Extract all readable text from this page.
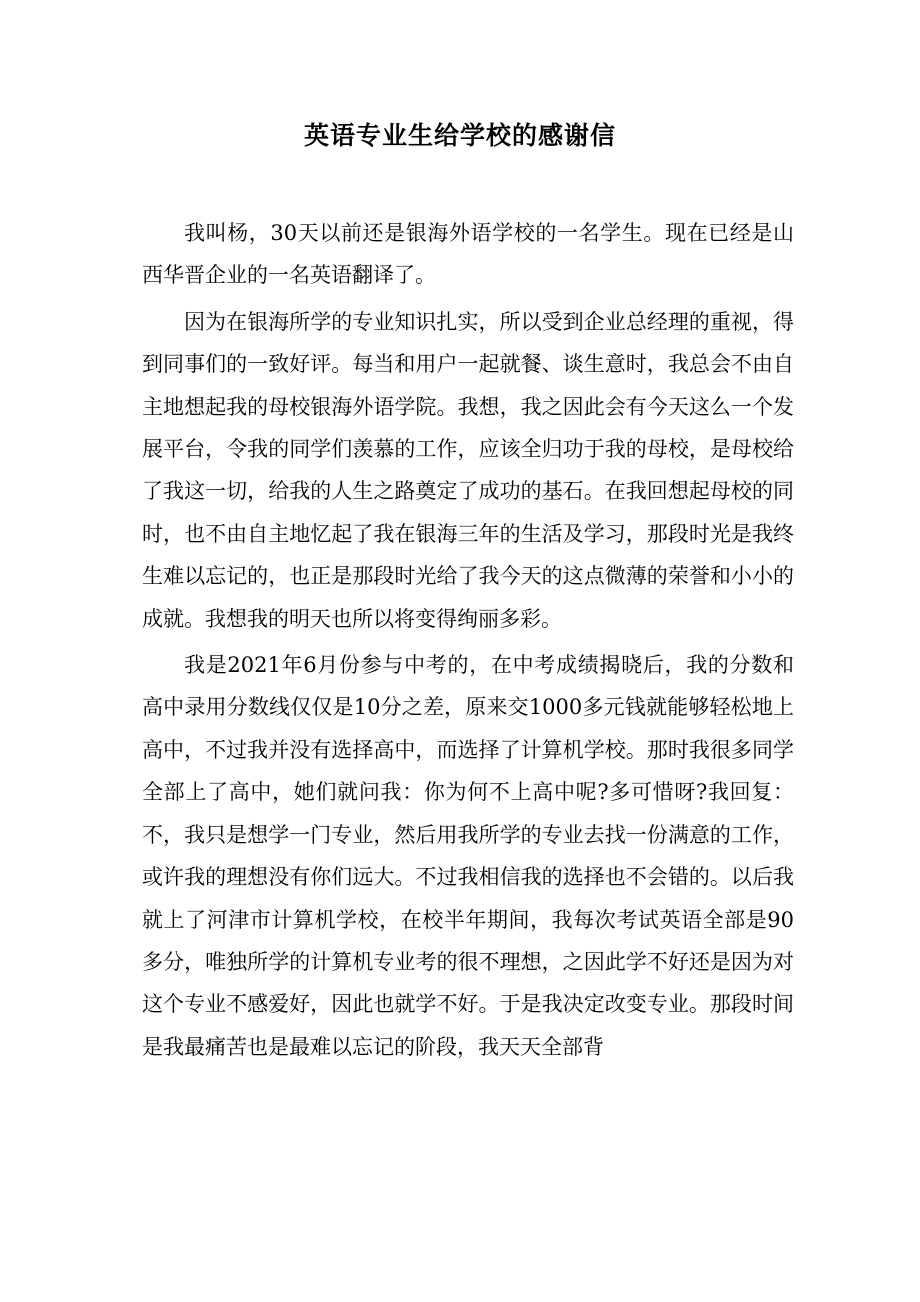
英语专业生给学校的感谢信

我叫杨，30天以前还是银海外语学校的一名学生。现在已经是山西华晋企业的一名英语翻译了。

因为在银海所学的专业知识扎实，所以受到企业总经理的重视，得到同事们的一致好评。每当和用户一起就餐、谈生意时，我总会不由自主地想起我的母校银海外语学院。我想，我之因此会有今天这么一个发展平台，令我的同学们羡慕的工作，应该全归功于我的母校，是母校给了我这一切，给我的人生之路奠定了成功的基石。在我回想起母校的同时，也不由自主地忆起了我在银海三年的生活及学习，那段时光是我终生难以忘记的，也正是那段时光给了我今天的这点微薄的荣誉和小小的成就。我想我的明天也所以将变得绚丽多彩。

我是2021年6月份参与中考的，在中考成绩揭晓后，我的分数和高中录用分数线仅仅是10分之差，原来交1000多元钱就能够轻松地上高中，不过我并没有选择高中，而选择了计算机学校。那时我很多同学全部上了高中，她们就问我：你为何不上高中呢?多可惜呀?我回复：不，我只是想学一门专业，然后用我所学的专业去找一份满意的工作，或许我的理想没有你们远大。不过我相信我的选择也不会错的。以后我就上了河津市计算机学校，在校半年期间，我每次考试英语全部是90多分，唯独所学的计算机专业考的很不理想，之因此学不好还是因为对这个专业不感爱好，因此也就学不好。于是我决定改变专业。那段时间是我最痛苦也是最难以忘记的阶段，我天天全部背
